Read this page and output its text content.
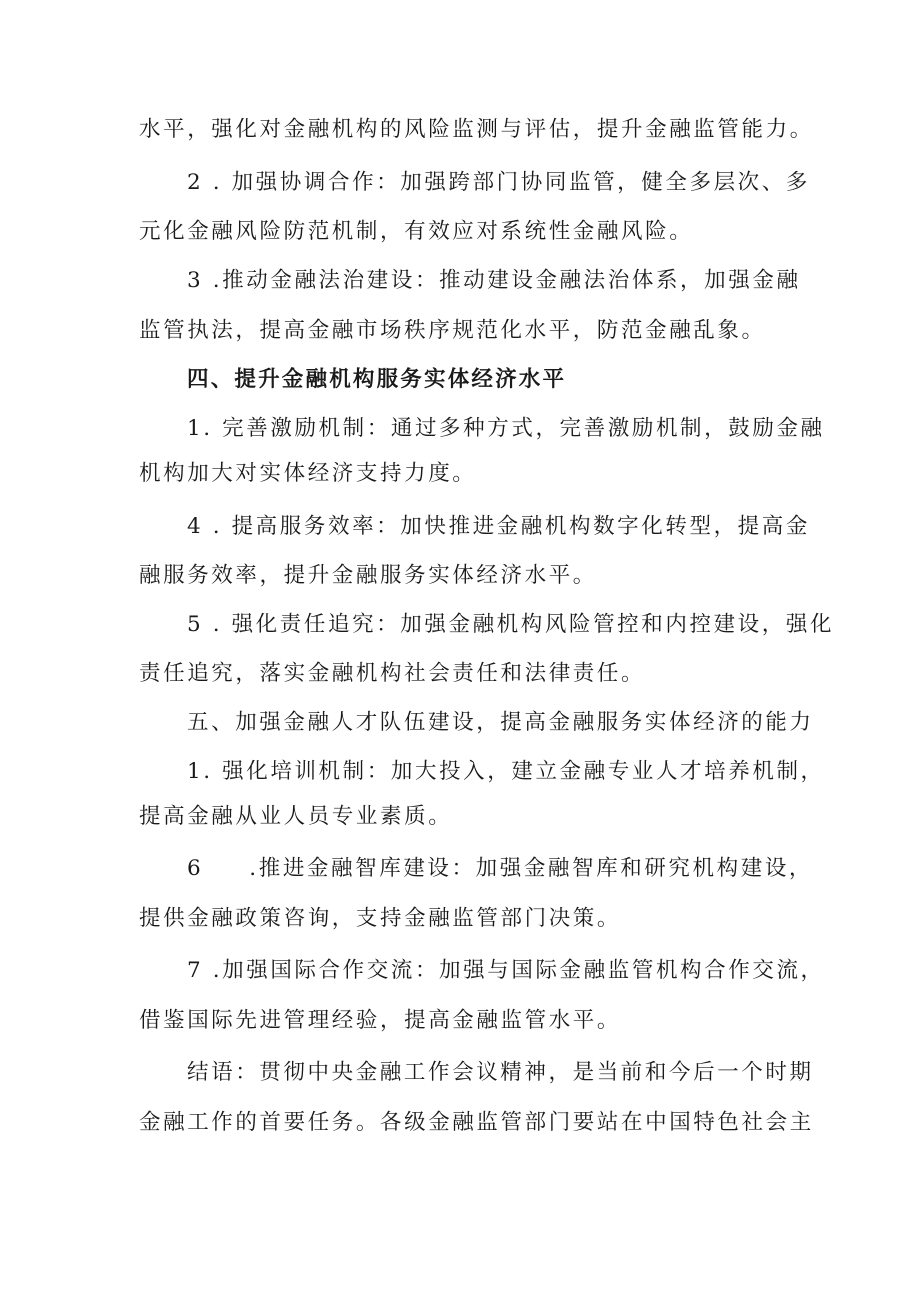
水平，强化对金融机构的风险监测与评估，提升金融监管能力。
2 . 加强协调合作：加强跨部门协同监管，健全多层次、多
元化金融风险防范机制，有效应对系统性金融风险。
3 .推动金融法治建设：推动建设金融法治体系，加强金融
监管执法，提高金融市场秩序规范化水平，防范金融乱象。
四、提升金融机构服务实体经济水平
1. 完善激励机制：通过多种方式，完善激励机制，鼓励金融
机构加大对实体经济支持力度。
4 . 提高服务效率：加快推进金融机构数字化转型，提高金
融服务效率，提升金融服务实体经济水平。
5 . 强化责任追究：加强金融机构风险管控和内控建设，强化
责任追究，落实金融机构社会责任和法律责任。
五、加强金融人才队伍建设，提高金融服务实体经济的能力
1. 强化培训机制：加大投入，建立金融专业人才培养机制，
提高金融从业人员专业素质。
6 .推进金融智库建设：加强金融智库和研究机构建设，
提供金融政策咨询，支持金融监管部门决策。
7 .加强国际合作交流：加强与国际金融监管机构合作交流，
借鉴国际先进管理经验，提高金融监管水平。
结语：贯彻中央金融工作会议精神，是当前和今后一个时期
金融工作的首要任务。各级金融监管部门要站在中国特色社会主
